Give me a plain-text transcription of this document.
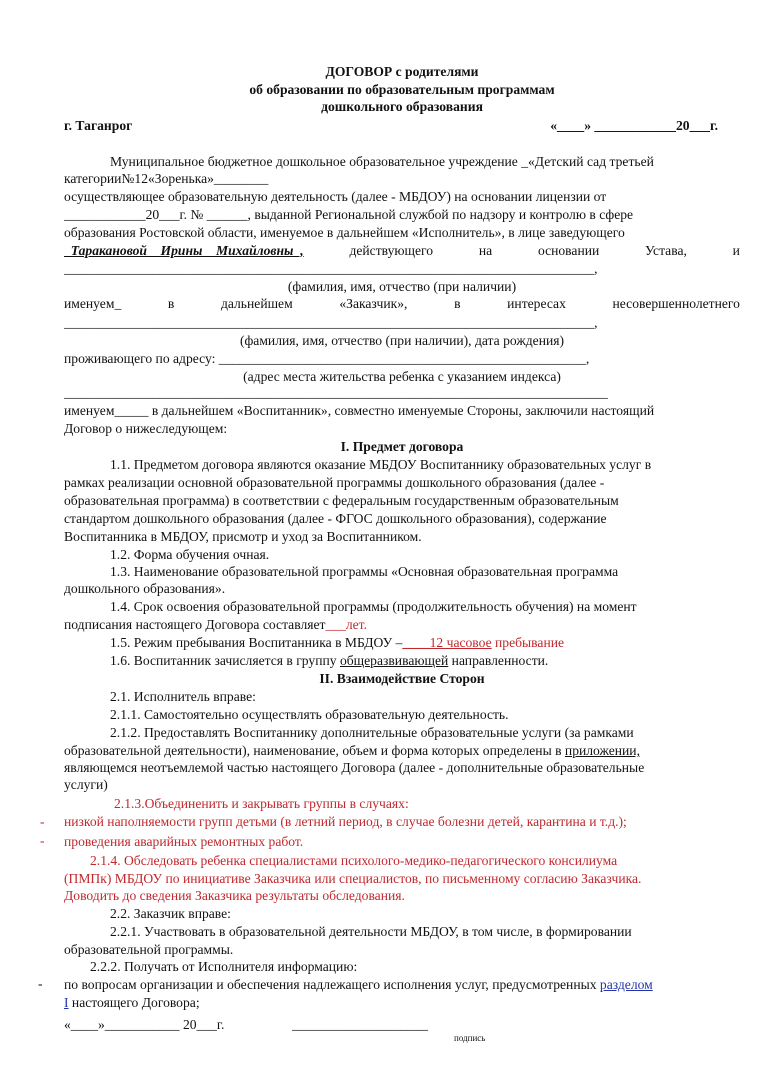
ДОГОВОР с родителями
об образовании по образовательным программам
дошкольного образования
г. Таганрог	«____» ____________20___г.
Муниципальное бюджетное дошкольное образовательное учреждение _«Детский сад третьей
категории№12«Зоренька»________
осуществляющее образовательную деятельность (далее - МБДОУ) на основании лицензии от
____________20___г. № ______, выданной Региональной службой по надзору и контролю в сфере
образования Ростовской области, именуемое в дальнейшем «Исполнитель», в лице заведующего
_Таракановой    Ирины    Михайловны_,	действующего	на	основании	Устава,	и
______________________________________________________________________________,
(фамилия, имя, отчество (при наличии)
именуем_	в	дальнейшем	«Заказчик»,	в	интересах	несовершеннолетнего
______________________________________________________________________________,
(фамилия, имя, отчество (при наличии), дата рождения)
проживающего по адресу: ______________________________________________________,
(адрес места жительства ребенка с указанием индекса)
________________________________________________________________________________
именуем_____ в дальнейшем «Воспитанник», совместно именуемые Стороны, заключили настоящий
Договор о нижеследующем:
I. Предмет договора
1.1. Предметом договора являются оказание МБДОУ Воспитаннику образовательных услуг в
рамках реализации основной образовательной программы дошкольного образования (далее -
образовательная программа) в соответствии с федеральным государственным образовательным
стандартом дошкольного образования (далее - ФГОС дошкольного образования), содержание
Воспитанника в МБДОУ, присмотр и уход за Воспитанником.
1.2. Форма обучения очная.
1.3. Наименование образовательной программы «Основная образовательная программа
дошкольного образования».
1.4. Срок освоения образовательной программы (продолжительность обучения) на момент
подписания настоящего Договора составляет___лет.
1.5. Режим пребывания Воспитанника в МБДОУ –____12 часовое пребывание
1.6. Воспитанник зачисляется в группу общеразвивающей направленности.
II. Взаимодействие Сторон
2.1. Исполнитель вправе:
2.1.1. Самостоятельно осуществлять образовательную деятельность.
2.1.2. Предоставлять Воспитаннику дополнительные образовательные услуги (за рамками
образовательной деятельности), наименование, объем и форма которых определены в приложении,
являющемся неотъемлемой частью настоящего Договора (далее - дополнительные образовательные
услуги)
2.1.3.Объединенить и закрывать группы в случаях:
- низкой наполняемости групп детьми (в летний период, в случае болезни детей, карантина и т.д.);
- проведения аварийных ремонтных работ.
2.1.4. Обследовать ребенка специалистами психолого-медико-педагогического консилиума
(ПМПк) МБДОУ по инициативе Заказчика или специалистов, по письменному согласию Заказчика.
Доводить до сведения Заказчика результаты обследования.
2.2. Заказчик вправе:
2.2.1. Участвовать в образовательной деятельности МБДОУ, в том числе, в формировании
образовательной программы.
2.2.2. Получать от Исполнителя информацию:
- по вопросам организации и обеспечения надлежащего исполнения услуг, предусмотренных разделом
I настоящего Договора;
«____»___________ 20___г.	____________________
подпись
